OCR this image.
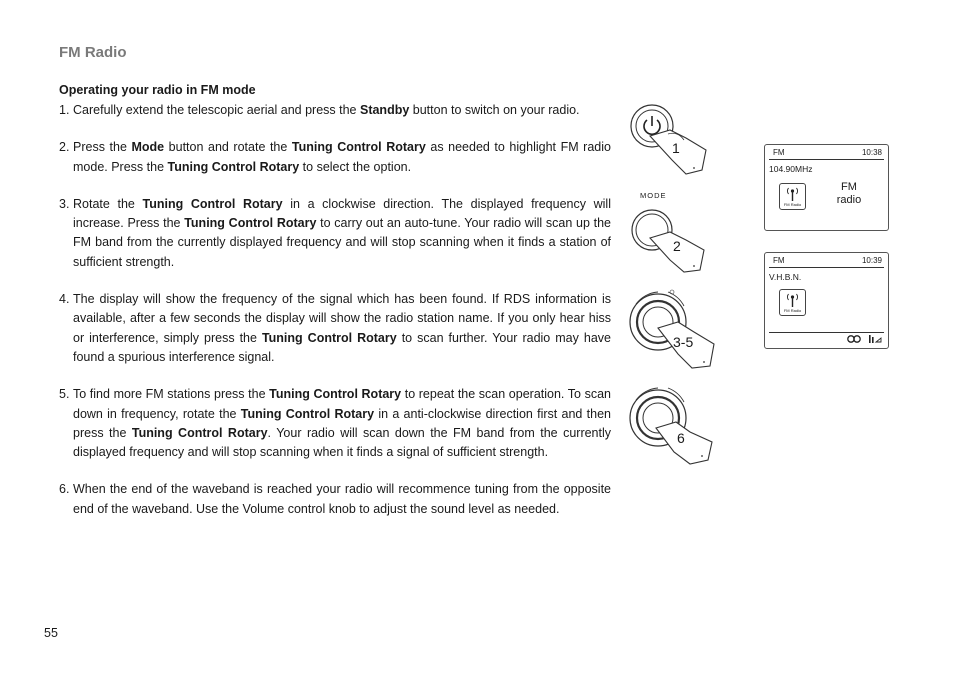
FM Radio
Operating your radio in FM mode
1. Carefully extend the telescopic aerial and press the Standby button to switch on your radio.
2. Press the Mode button and rotate the Tuning Control Rotary as needed to highlight FM radio mode. Press the Tuning Control Rotary to select the option.
3. Rotate the Tuning Control Rotary in a clockwise direction. The displayed frequency will increase. Press the Tuning Control Rotary to carry out an auto-tune. Your radio will scan up the FM band from the currently displayed frequency and will stop scanning when it finds a station of sufficient strength.
4. The display will show the frequency of the signal which has been found. If RDS information is available, after a few seconds the display will show the radio station name. If you only hear hiss or interference, simply press the Tuning Control Rotary to scan further. Your radio may have found a spurious interference signal.
5. To find more FM stations press the Tuning Control Rotary to repeat the scan operation. To scan down in frequency, rotate the Tuning Control Rotary in a anti-clockwise direction first and then press the Tuning Control Rotary. Your radio will scan down the FM band from the currently displayed frequency and will stop scanning when it finds a signal of sufficient strength.
6. When the end of the waveband is reached your radio will recommence tuning from the opposite end of the waveband. Use the Volume control knob to adjust the sound level as needed.
1
MODE
2
3-5
6
FM	10:38
104.90MHz
FM Radio
FM
radio
FM	10:39
V.H.B.N.
FM Radio
55
